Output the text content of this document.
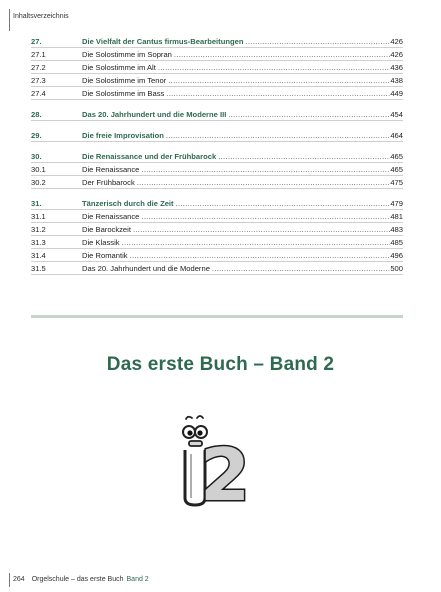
Inhaltsverzeichnis
27.	Die Vielfalt der Cantus firmus-Bearbeitungen .....	426
27.1	Die Solostimme im Sopran .....	426
27.2	Die Solostimme im Alt .....	436
27.3	Die Solostimme im Tenor .....	438
27.4	Die Solostimme im Bass .....	449
28.	Das 20. Jahrhundert und die Moderne III .....	454
29.	Die freie Improvisation .....	464
30.	Die Renaissance und der Frühbarock .....	465
30.1	Die Renaissance .....	465
30.2	Der Frühbarock .....	475
31.	Tänzerisch durch die Zeit .....	479
31.1	Die Renaissance .....	481
31.2	Die Barockzeit .....	483
31.3	Die Klassik .....	485
31.4	Die Romantik .....	496
31.5	Das 20. Jahrhundert und die Moderne .....	500
Das erste Buch – Band 2
2
264 Orgelschule – das erste Buch Band 2
